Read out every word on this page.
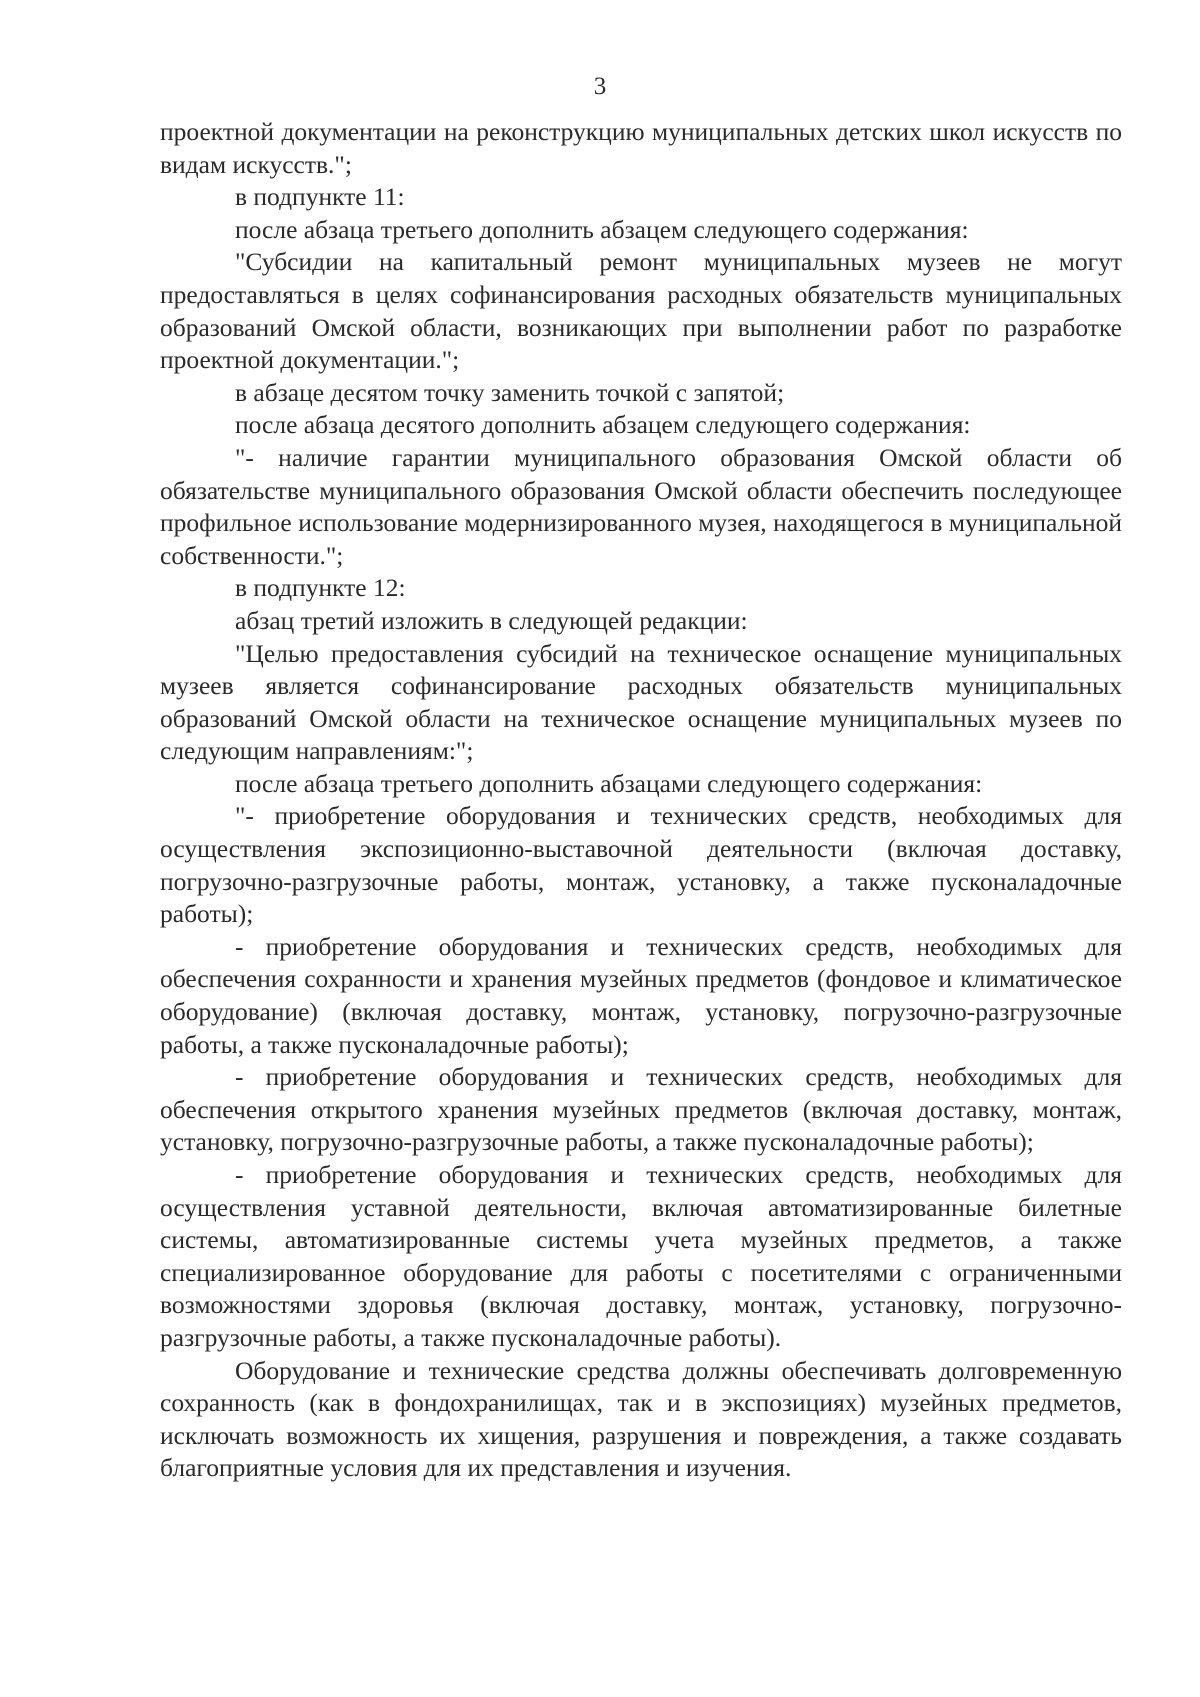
3

проектной документации на реконструкцию муниципальных детских школ искусств по видам искусств.";

в подпункте 11:

после абзаца третьего дополнить абзацем следующего содержания:

"Субсидии на капитальный ремонт муниципальных музеев не могут предоставляться в целях софинансирования расходных обязательств муниципальных образований Омской области, возникающих при выполнении работ по разработке проектной документации.";

в абзаце десятом точку заменить точкой с запятой;

после абзаца десятого дополнить абзацем следующего содержания:

"- наличие гарантии муниципального образования Омской области об обязательстве муниципального образования Омской области обеспечить последующее профильное использование модернизированного музея, находящегося в муниципальной собственности.";

в подпункте 12:

абзац третий изложить в следующей редакции:

"Целью предоставления субсидий на техническое оснащение муниципальных музеев является софинансирование расходных обязательств муниципальных образований Омской области на техническое оснащение муниципальных музеев по следующим направлениям:";

после абзаца третьего дополнить абзацами следующего содержания:

"- приобретение оборудования и технических средств, необходимых для осуществления экспозиционно-выставочной деятельности (включая доставку, погрузочно-разгрузочные работы, монтаж, установку, а также пусконаладочные работы);

- приобретение оборудования и технических средств, необходимых для обеспечения сохранности и хранения музейных предметов (фондовое и климатическое оборудование) (включая доставку, монтаж, установку, погрузочно-разгрузочные работы, а также пусконаладочные работы);

- приобретение оборудования и технических средств, необходимых для обеспечения открытого хранения музейных предметов (включая доставку, монтаж, установку, погрузочно-разгрузочные работы, а также пусконаладочные работы);

- приобретение оборудования и технических средств, необходимых для осуществления уставной деятельности, включая автоматизированные билетные системы, автоматизированные системы учета музейных предметов, а также специализированное оборудование для работы с посетителями с ограниченными возможностями здоровья (включая доставку, монтаж, установку, погрузочно-разгрузочные работы, а также пусконаладочные работы).

Оборудование и технические средства должны обеспечивать долговременную сохранность (как в фондохранилищах, так и в экспозициях) музейных предметов, исключать возможность их хищения, разрушения и повреждения, а также создавать благоприятные условия для их представления и изучения.
